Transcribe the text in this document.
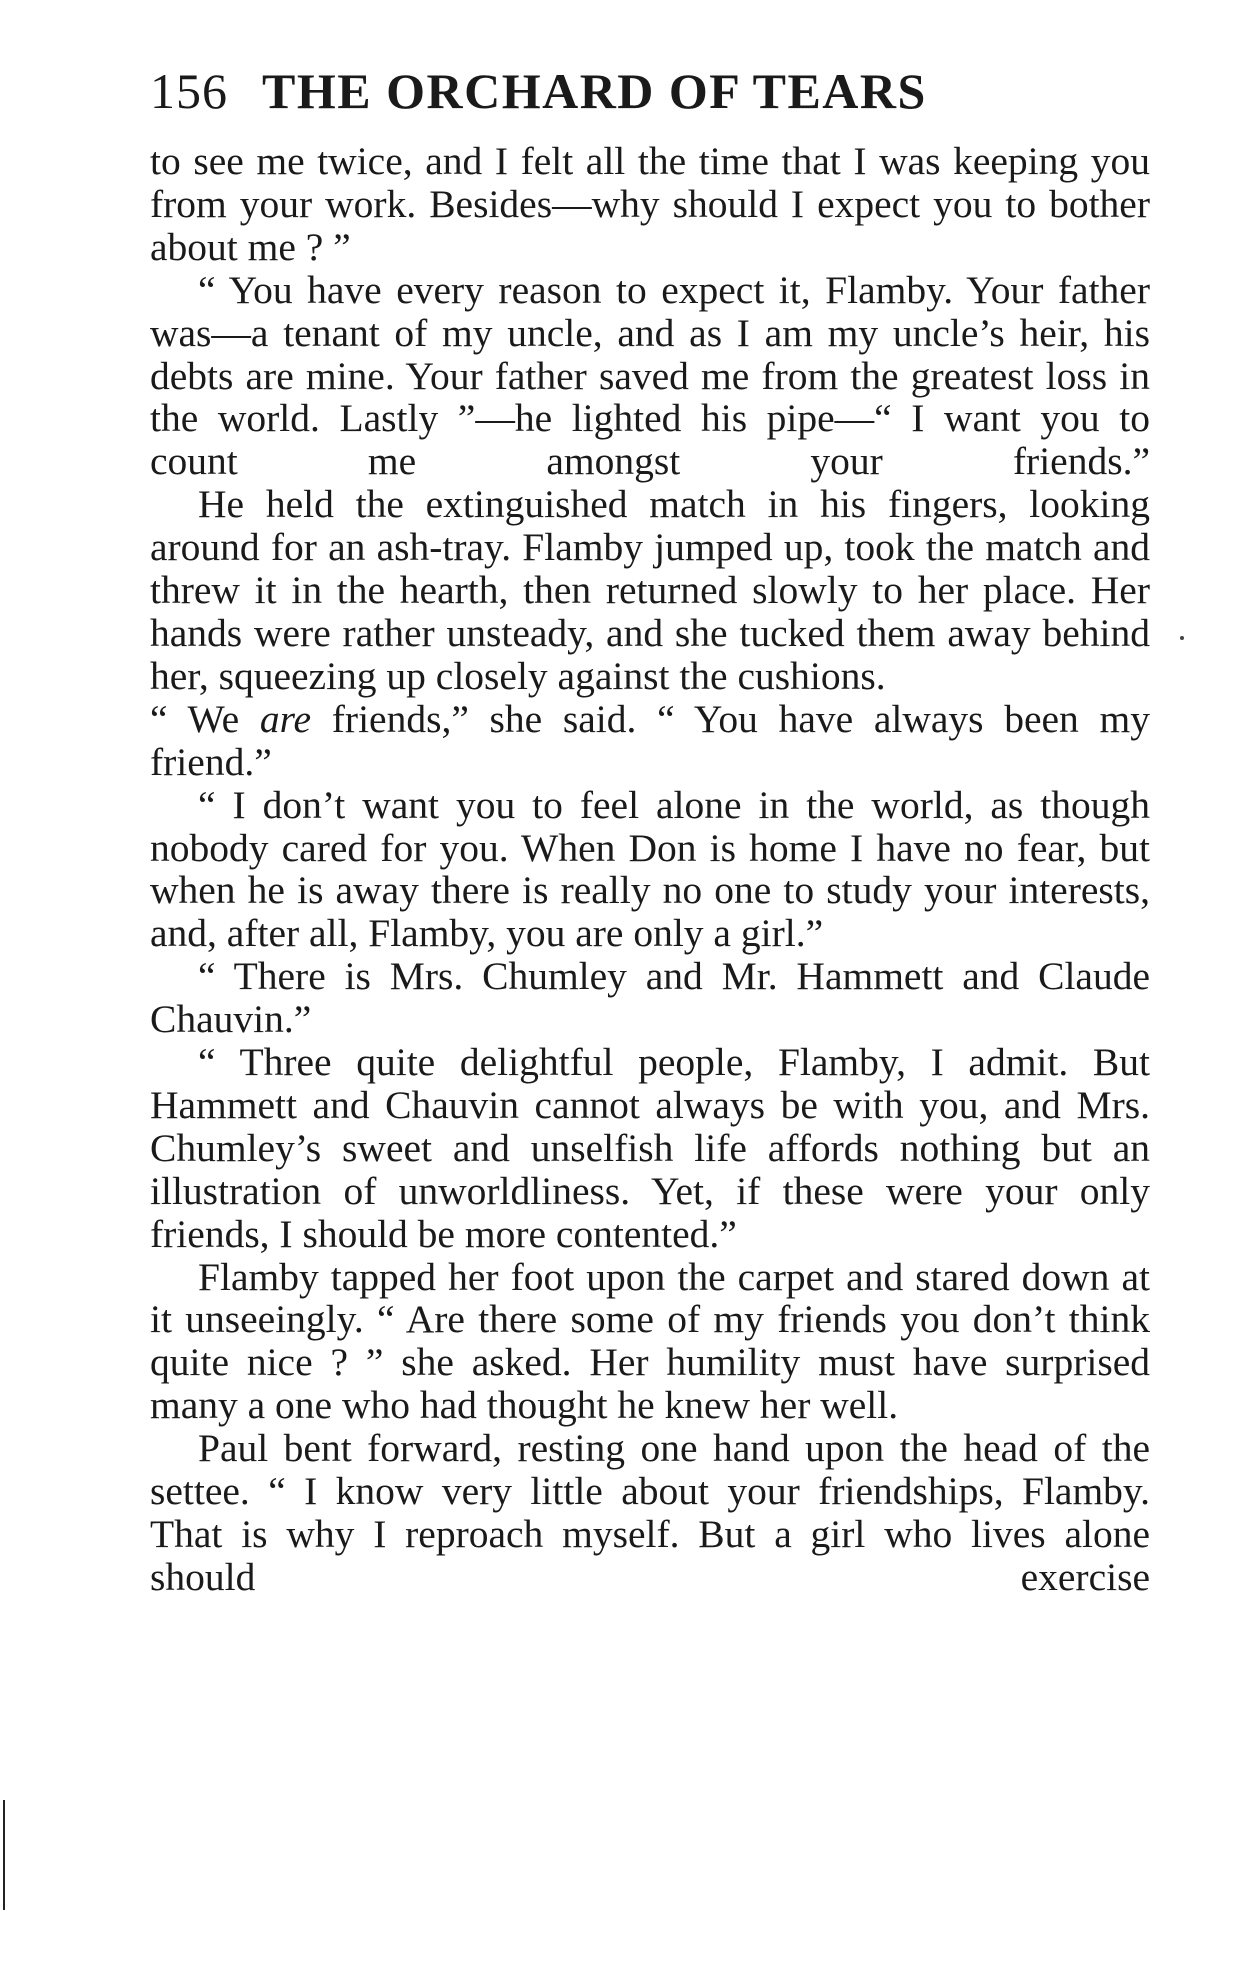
156 THE ORCHARD OF TEARS

to see me twice, and I felt all the time that I was keeping you from your work. Besides—why should I expect you to bother about me ? ”

“ You have every reason to expect it, Flamby. Your father was—a tenant of my uncle, and as I am my uncle’s heir, his debts are mine. Your father saved me from the greatest loss in the world. Lastly ”—he lighted his pipe—“ I want you to count me amongst your friends.”

He held the extinguished match in his fingers, looking around for an ash-tray. Flamby jumped up, took the match and threw it in the hearth, then returned slowly to her place. Her hands were rather unsteady, and she tucked them away behind her, squeezing up closely against the cushions.

“ We are friends,” she said. “ You have always been my friend.”

“ I don’t want you to feel alone in the world, as though nobody cared for you. When Don is home I have no fear, but when he is away there is really no one to study your interests, and, after all, Flamby, you are only a girl.”

“ There is Mrs. Chumley and Mr. Hammett and Claude Chauvin.”

“ Three quite delightful people, Flamby, I admit. But Hammett and Chauvin cannot always be with you, and Mrs. Chumley’s sweet and unselfish life affords nothing but an illustration of unworldliness. Yet, if these were your only friends, I should be more contented.”

Flamby tapped her foot upon the carpet and stared down at it unseeingly. “ Are there some of my friends you don’t think quite nice ? ” she asked. Her humility must have surprised many a one who had thought he knew her well.

Paul bent forward, resting one hand upon the head of the settee. “ I know very little about your friendships, Flamby. That is why I reproach myself. But a girl who lives alone should exercise
